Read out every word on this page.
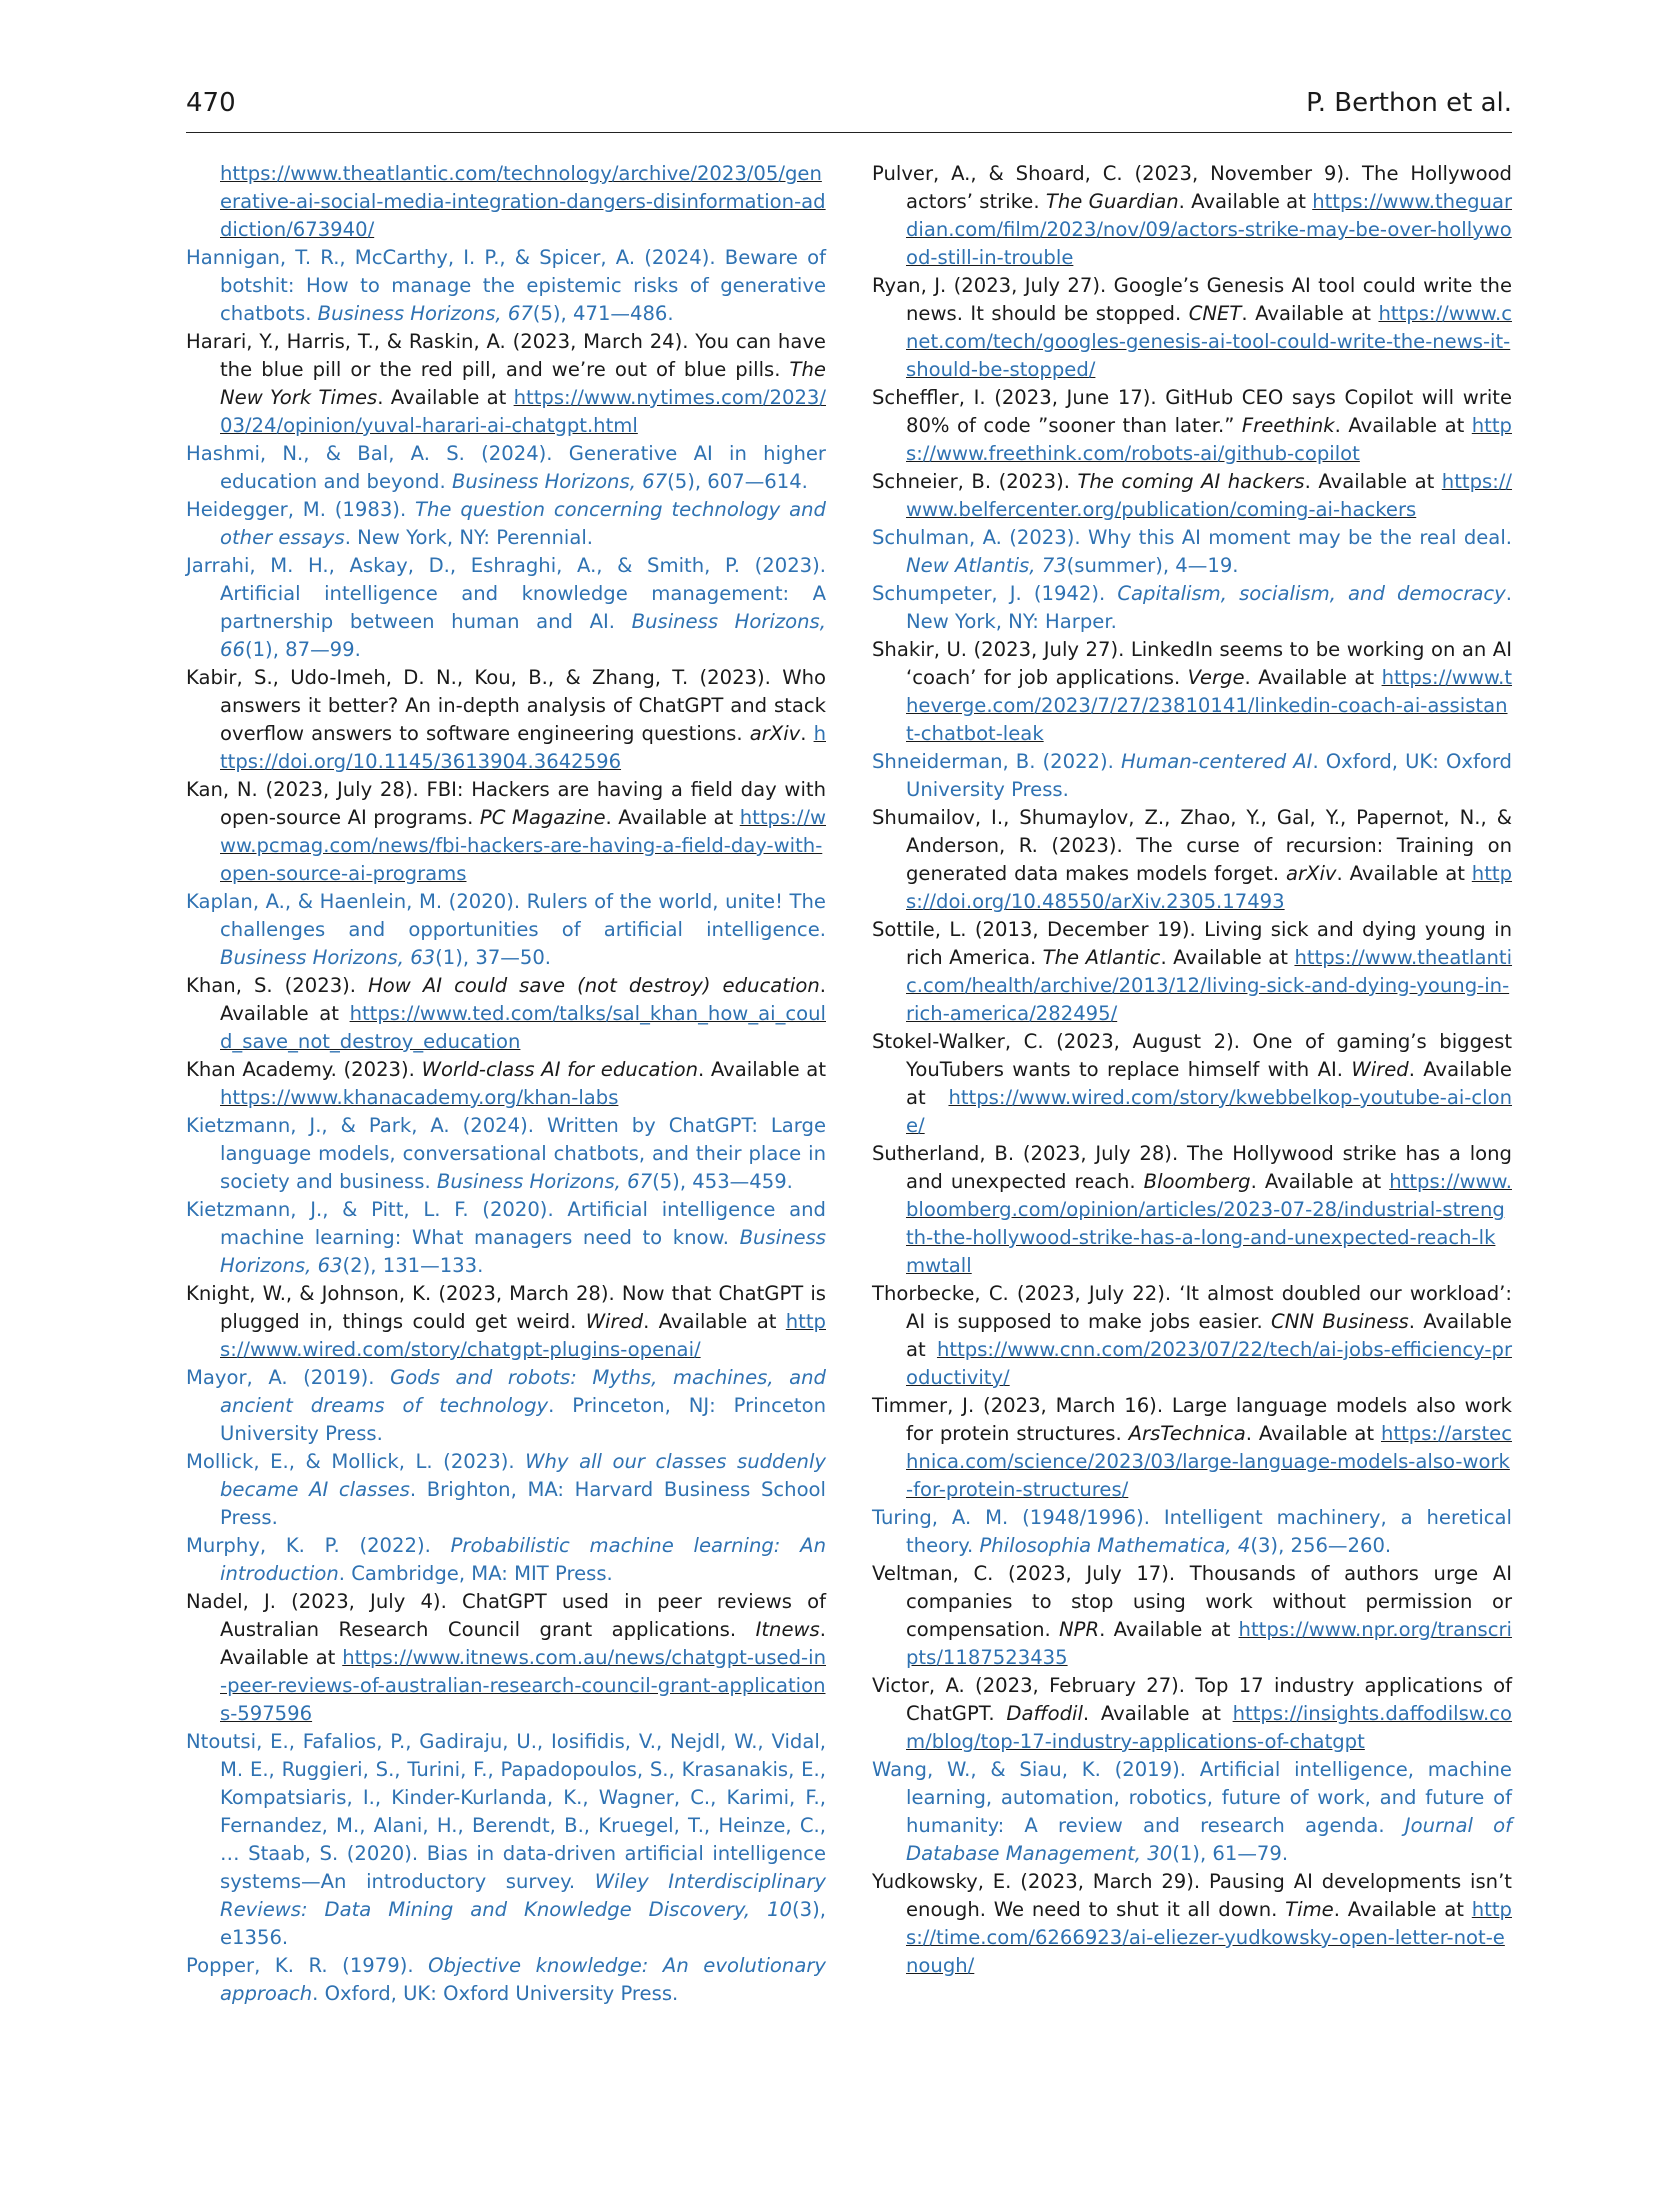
470	P. Berthon et al.

https://www.theatlantic.com/technology/archive/2023/05/generative-ai-social-media-integration-dangers-disinformation-addiction/673940/

Hannigan, T. R., McCarthy, I. P., & Spicer, A. (2024). Beware of botshit: How to manage the epistemic risks of generative chatbots. Business Horizons, 67(5), 471—486.

Harari, Y., Harris, T., & Raskin, A. (2023, March 24). You can have the blue pill or the red pill, and we’re out of blue pills. The New York Times. Available at https://www.nytimes.com/2023/03/24/opinion/yuval-harari-ai-chatgpt.html

Hashmi, N., & Bal, A. S. (2024). Generative AI in higher education and beyond. Business Horizons, 67(5), 607—614.

Heidegger, M. (1983). The question concerning technology and other essays. New York, NY: Perennial.

Jarrahi, M. H., Askay, D., Eshraghi, A., & Smith, P. (2023). Artificial intelligence and knowledge management: A partnership between human and AI. Business Horizons, 66(1), 87—99.

Kabir, S., Udo-Imeh, D. N., Kou, B., & Zhang, T. (2023). Who answers it better? An in-depth analysis of ChatGPT and stack overflow answers to software engineering questions. arXiv. https://doi.org/10.1145/3613904.3642596

Kan, N. (2023, July 28). FBI: Hackers are having a field day with open-source AI programs. PC Magazine. Available at https://www.pcmag.com/news/fbi-hackers-are-having-a-field-day-with-open-source-ai-programs

Kaplan, A., & Haenlein, M. (2020). Rulers of the world, unite! The challenges and opportunities of artificial intelligence. Business Horizons, 63(1), 37—50.

Khan, S. (2023). How AI could save (not destroy) education. Available at https://www.ted.com/talks/sal_khan_how_ai_could_save_not_destroy_education

Khan Academy. (2023). World-class AI for education. Available at https://www.khanacademy.org/khan-labs

Kietzmann, J., & Park, A. (2024). Written by ChatGPT: Large language models, conversational chatbots, and their place in society and business. Business Horizons, 67(5), 453—459.

Kietzmann, J., & Pitt, L. F. (2020). Artificial intelligence and machine learning: What managers need to know. Business Horizons, 63(2), 131—133.

Knight, W., & Johnson, K. (2023, March 28). Now that ChatGPT is plugged in, things could get weird. Wired. Available at https://www.wired.com/story/chatgpt-plugins-openai/

Mayor, A. (2019). Gods and robots: Myths, machines, and ancient dreams of technology. Princeton, NJ: Princeton University Press.

Mollick, E., & Mollick, L. (2023). Why all our classes suddenly became AI classes. Brighton, MA: Harvard Business School Press.

Murphy, K. P. (2022). Probabilistic machine learning: An introduction. Cambridge, MA: MIT Press.

Nadel, J. (2023, July 4). ChatGPT used in peer reviews of Australian Research Council grant applications. Itnews. Available at https://www.itnews.com.au/news/chatgpt-used-in-peer-reviews-of-australian-research-council-grant-applications-597596

Ntoutsi, E., Fafalios, P., Gadiraju, U., Iosifidis, V., Nejdl, W., Vidal, M. E., Ruggieri, S., Turini, F., Papadopoulos, S., Krasanakis, E., Kompatsiaris, I., Kinder-Kurlanda, K., Wagner, C., Karimi, F., Fernandez, M., Alani, H., Berendt, B., Kruegel, T., Heinze, C., … Staab, S. (2020). Bias in data-driven artificial intelligence systems—An introductory survey. Wiley Interdisciplinary Reviews: Data Mining and Knowledge Discovery, 10(3), e1356.

Popper, K. R. (1979). Objective knowledge: An evolutionary approach. Oxford, UK: Oxford University Press.

Pulver, A., & Shoard, C. (2023, November 9). The Hollywood actors’ strike. The Guardian. Available at https://www.theguardian.com/film/2023/nov/09/actors-strike-may-be-over-hollywood-still-in-trouble

Ryan, J. (2023, July 27). Google’s Genesis AI tool could write the news. It should be stopped. CNET. Available at https://www.cnet.com/tech/googles-genesis-ai-tool-could-write-the-news-it-should-be-stopped/

Scheffler, I. (2023, June 17). GitHub CEO says Copilot will write 80% of code ”sooner than later.” Freethink. Available at https://www.freethink.com/robots-ai/github-copilot

Schneier, B. (2023). The coming AI hackers. Available at https://www.belfercenter.org/publication/coming-ai-hackers

Schulman, A. (2023). Why this AI moment may be the real deal. New Atlantis, 73(summer), 4—19.

Schumpeter, J. (1942). Capitalism, socialism, and democracy. New York, NY: Harper.

Shakir, U. (2023, July 27). LinkedIn seems to be working on an AI ‘coach’ for job applications. Verge. Available at https://www.theverge.com/2023/7/27/23810141/linkedin-coach-ai-assistant-chatbot-leak

Shneiderman, B. (2022). Human-centered AI. Oxford, UK: Oxford University Press.

Shumailov, I., Shumaylov, Z., Zhao, Y., Gal, Y., Papernot, N., & Anderson, R. (2023). The curse of recursion: Training on generated data makes models forget. arXiv. Available at https://doi.org/10.48550/arXiv.2305.17493

Sottile, L. (2013, December 19). Living sick and dying young in rich America. The Atlantic. Available at https://www.theatlantic.com/health/archive/2013/12/living-sick-and-dying-young-in-rich-america/282495/

Stokel-Walker, C. (2023, August 2). One of gaming’s biggest YouTubers wants to replace himself with AI. Wired. Available at https://www.wired.com/story/kwebbelkop-youtube-ai-clone/

Sutherland, B. (2023, July 28). The Hollywood strike has a long and unexpected reach. Bloomberg. Available at https://www.bloomberg.com/opinion/articles/2023-07-28/industrial-strength-the-hollywood-strike-has-a-long-and-unexpected-reach-lkmwtall

Thorbecke, C. (2023, July 22). ‘It almost doubled our workload’: AI is supposed to make jobs easier. CNN Business. Available at https://www.cnn.com/2023/07/22/tech/ai-jobs-efficiency-productivity/

Timmer, J. (2023, March 16). Large language models also work for protein structures. ArsTechnica. Available at https://arstechnica.com/science/2023/03/large-language-models-also-work-for-protein-structures/

Turing, A. M. (1948/1996). Intelligent machinery, a heretical theory. Philosophia Mathematica, 4(3), 256—260.

Veltman, C. (2023, July 17). Thousands of authors urge AI companies to stop using work without permission or compensation. NPR. Available at https://www.npr.org/transcripts/1187523435

Victor, A. (2023, February 27). Top 17 industry applications of ChatGPT. Daffodil. Available at https://insights.daffodilsw.com/blog/top-17-industry-applications-of-chatgpt

Wang, W., & Siau, K. (2019). Artificial intelligence, machine learning, automation, robotics, future of work, and future of humanity: A review and research agenda. Journal of Database Management, 30(1), 61—79.

Yudkowsky, E. (2023, March 29). Pausing AI developments isn’t enough. We need to shut it all down. Time. Available at https://time.com/6266923/ai-eliezer-yudkowsky-open-letter-not-enough/
